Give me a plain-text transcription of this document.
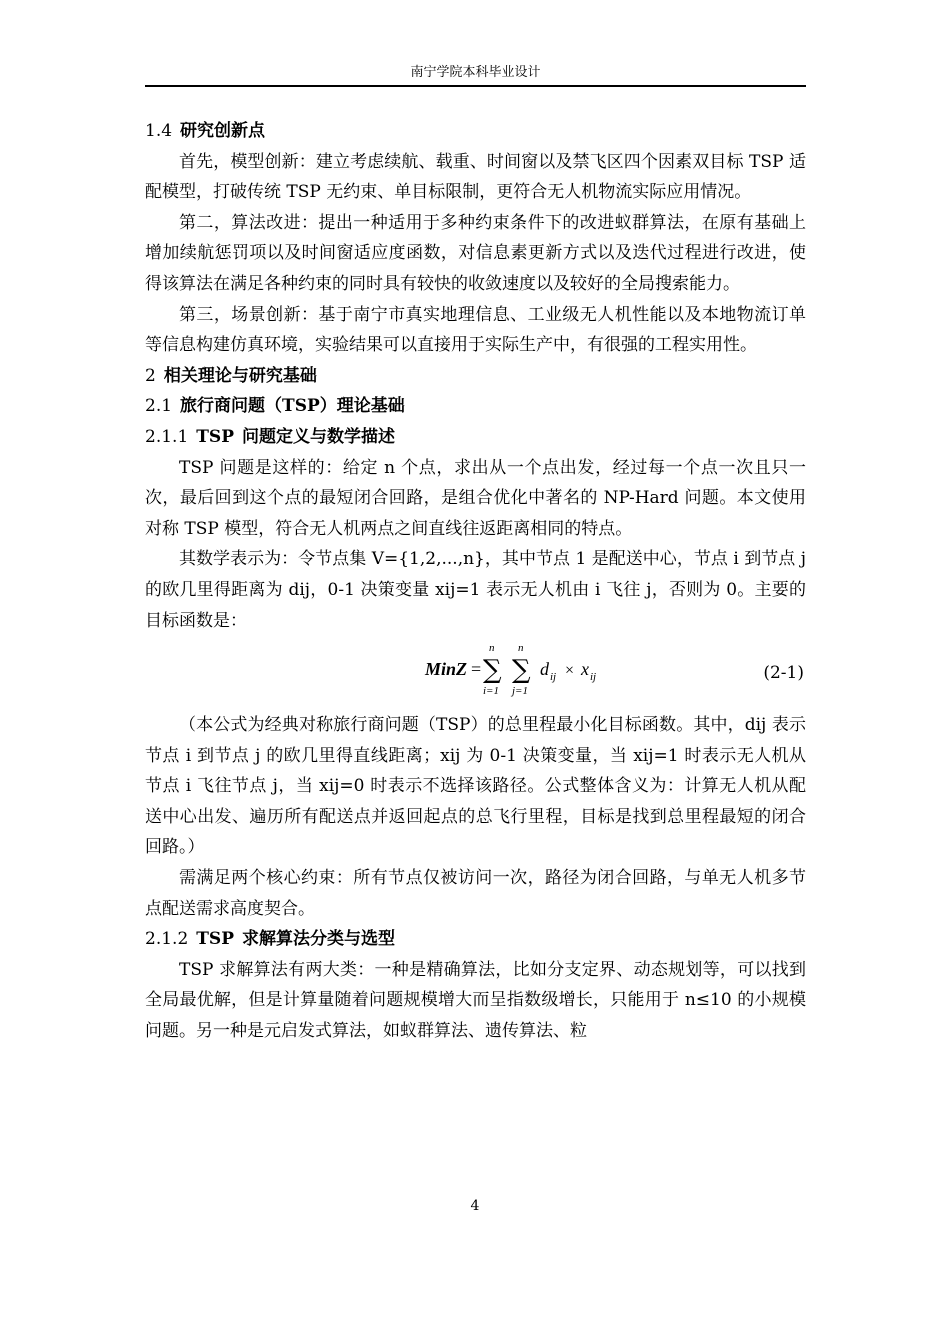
南宁学院本科毕业设计

1.4 研究创新点

首先，模型创新：建立考虑续航、载重、时间窗以及禁飞区四个因素双目标 TSP 适配模型，打破传统 TSP 无约束、单目标限制，更符合无人机物流实际应用情况。

第二，算法改进：提出一种适用于多种约束条件下的改进蚁群算法，在原有基础上增加续航惩罚项以及时间窗适应度函数，对信息素更新方式以及迭代过程进行改进，使得该算法在满足各种约束的同时具有较快的收敛速度以及较好的全局搜索能力。

第三，场景创新：基于南宁市真实地理信息、工业级无人机性能以及本地物流订单等信息构建仿真环境，实验结果可以直接用于实际生产中，有很强的工程实用性。

2 相关理论与研究基础

2.1 旅行商问题（TSP）理论基础

2.1.1 TSP 问题定义与数学描述

TSP 问题是这样的：给定 n 个点，求出从一个点出发，经过每一个点一次且只一次，最后回到这个点的最短闭合回路，是组合优化中著名的 NP-Hard 问题。本文使用对称 TSP 模型，符合无人机两点之间直线往返距离相同的特点。

其数学表示为：令节点集 V={1,2,...,n}，其中节点 1 是配送中心，节点 i 到节点 j 的欧几里得距离为 dij，0-1 决策变量 xij=1 表示无人机由 i 飞往 j，否则为 0。主要的目标函数是：

MinZ =
n
∑
i=1
n
∑
j=1
d ij × x ij	(2-1)

（本公式为经典对称旅行商问题（TSP）的总里程最小化目标函数。其中，dij 表示节点 i 到节点 j 的欧几里得直线距离；xij 为 0-1 决策变量，当 xij=1 时表示无人机从节点 i 飞往节点 j，当 xij=0 时表示不选择该路径。公式整体含义为：计算无人机从配送中心出发、遍历所有配送点并返回起点的总飞行里程，目标是找到总里程最短的闭合回路。）

需满足两个核心约束：所有节点仅被访问一次，路径为闭合回路，与单无人机多节点配送需求高度契合。

2.1.2 TSP 求解算法分类与选型

TSP 求解算法有两大类：一种是精确算法，比如分支定界、动态规划等，可以找到全局最优解，但是计算量随着问题规模增大而呈指数级增长，只能用于 n≤10 的小规模问题。另一种是元启发式算法，如蚁群算法、遗传算法、粒

4
